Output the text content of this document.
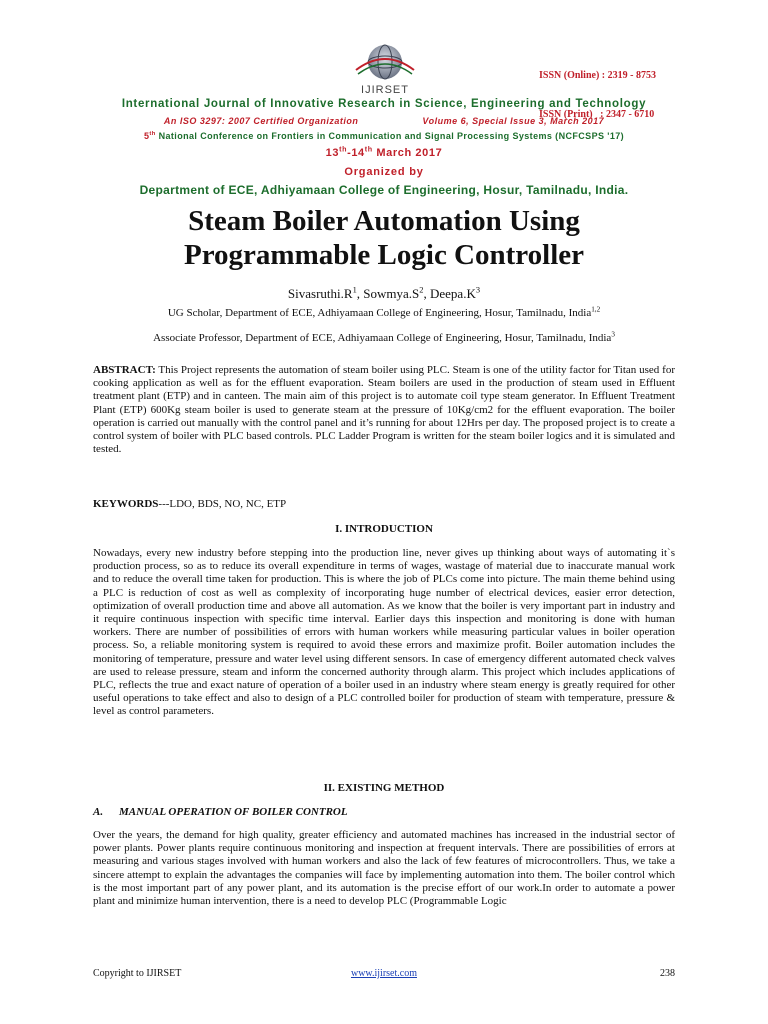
IJIRSET

ISSN (Online) : 2319 - 8753

ISSN (Print)   : 2347 - 6710

International Journal of Innovative Research in Science, Engineering and Technology
An ISO 3297: 2007 Certified Organization	Volume 6, Special Issue 3, March 2017
5th National Conference on Frontiers in Communication and Signal Processing Systems (NCFCSPS '17)
13th-14th March 2017
Organized by
Department of ECE, Adhiyamaan College of Engineering, Hosur, Tamilnadu, India.
Steam Boiler Automation Using
Programmable Logic Controller
$Sivasruthi.R^1$, $Sowmya.S^2$, $Deepa.K^3$
UG Scholar, Department of ECE, Adhiyamaan College of Engineering, Hosur, Tamilnadu, India$^{1,2}$
Associate Professor, Department of ECE, Adhiyamaan College of Engineering, Hosur, Tamilnadu, India$^3$
ABSTRACT: This Project represents the automation of steam boiler using PLC. Steam is one of the utility factor for Titan used for cooking application as well as for the effluent evaporation. Steam boilers are used in the production of steam used in Effluent treatment plant (ETP) and in canteen. The main aim of this project is to automate coil type steam generator. In Effluent Treatment Plant (ETP) 600Kg steam boiler is used to generate steam at the pressure of 10Kg/cm2 for the effluent evaporation. The boiler operation is carried out manually with the control panel and it’s running for about 12Hrs per day. The proposed project is to create a control system of boiler with PLC based controls. PLC Ladder Program is written for the steam boiler logics and it is simulated and tested.
KEYWORDS---LDO, BDS, NO, NC, ETP
I. INTRODUCTION
Nowadays, every new industry before stepping into the production line, never gives up thinking about ways of automating it`s production process, so as to reduce its overall expenditure in terms of wages, wastage of material due to inaccurate manual work and to reduce the overall time taken for production. This is where the job of PLCs come into picture. The main theme behind using a PLC is reduction of cost as well as complexity of incorporating huge number of electrical devices, easier error detection, optimization of overall production time and above all automation. As we know that the boiler is very important part in industry and it require continuous inspection with specific time interval. Earlier days this inspection and monitoring is done with human workers. There are number of possibilities of errors with human workers while measuring particular values in boiler operation process. So, a reliable monitoring system is required to avoid these errors and maximize profit. Boiler automation includes the monitoring of temperature, pressure and water level using different sensors. In case of emergency different automated check valves are used to release pressure, steam and inform the concerned authority through alarm. This project which includes applications of PLC, reflects the true and exact nature of operation of a boiler used in an industry where steam energy is greatly required for other useful operations to take effect and also to design of a PLC controlled boiler for production of steam with temperature, pressure & level as control parameters.
II. EXISTING METHOD
A. MANUAL OPERATION OF BOILER CONTROL
Over the years, the demand for high quality, greater efficiency and automated machines has increased in the industrial sector of power plants. Power plants require continuous monitoring and inspection at frequent intervals. There are possibilities of errors at measuring and various stages involved with human workers and also the lack of few features of microcontrollers. Thus, we take a sincere attempt to explain the advantages the companies will face by implementing automation into them. The boiler control which is the most important part of any power plant, and its automation is the precise effort of our work.In order to automate a power plant and minimize human intervention, there is a need to develop PLC (Programmable Logic
Copyright to IJIRSET	www.ijirset.com	238
